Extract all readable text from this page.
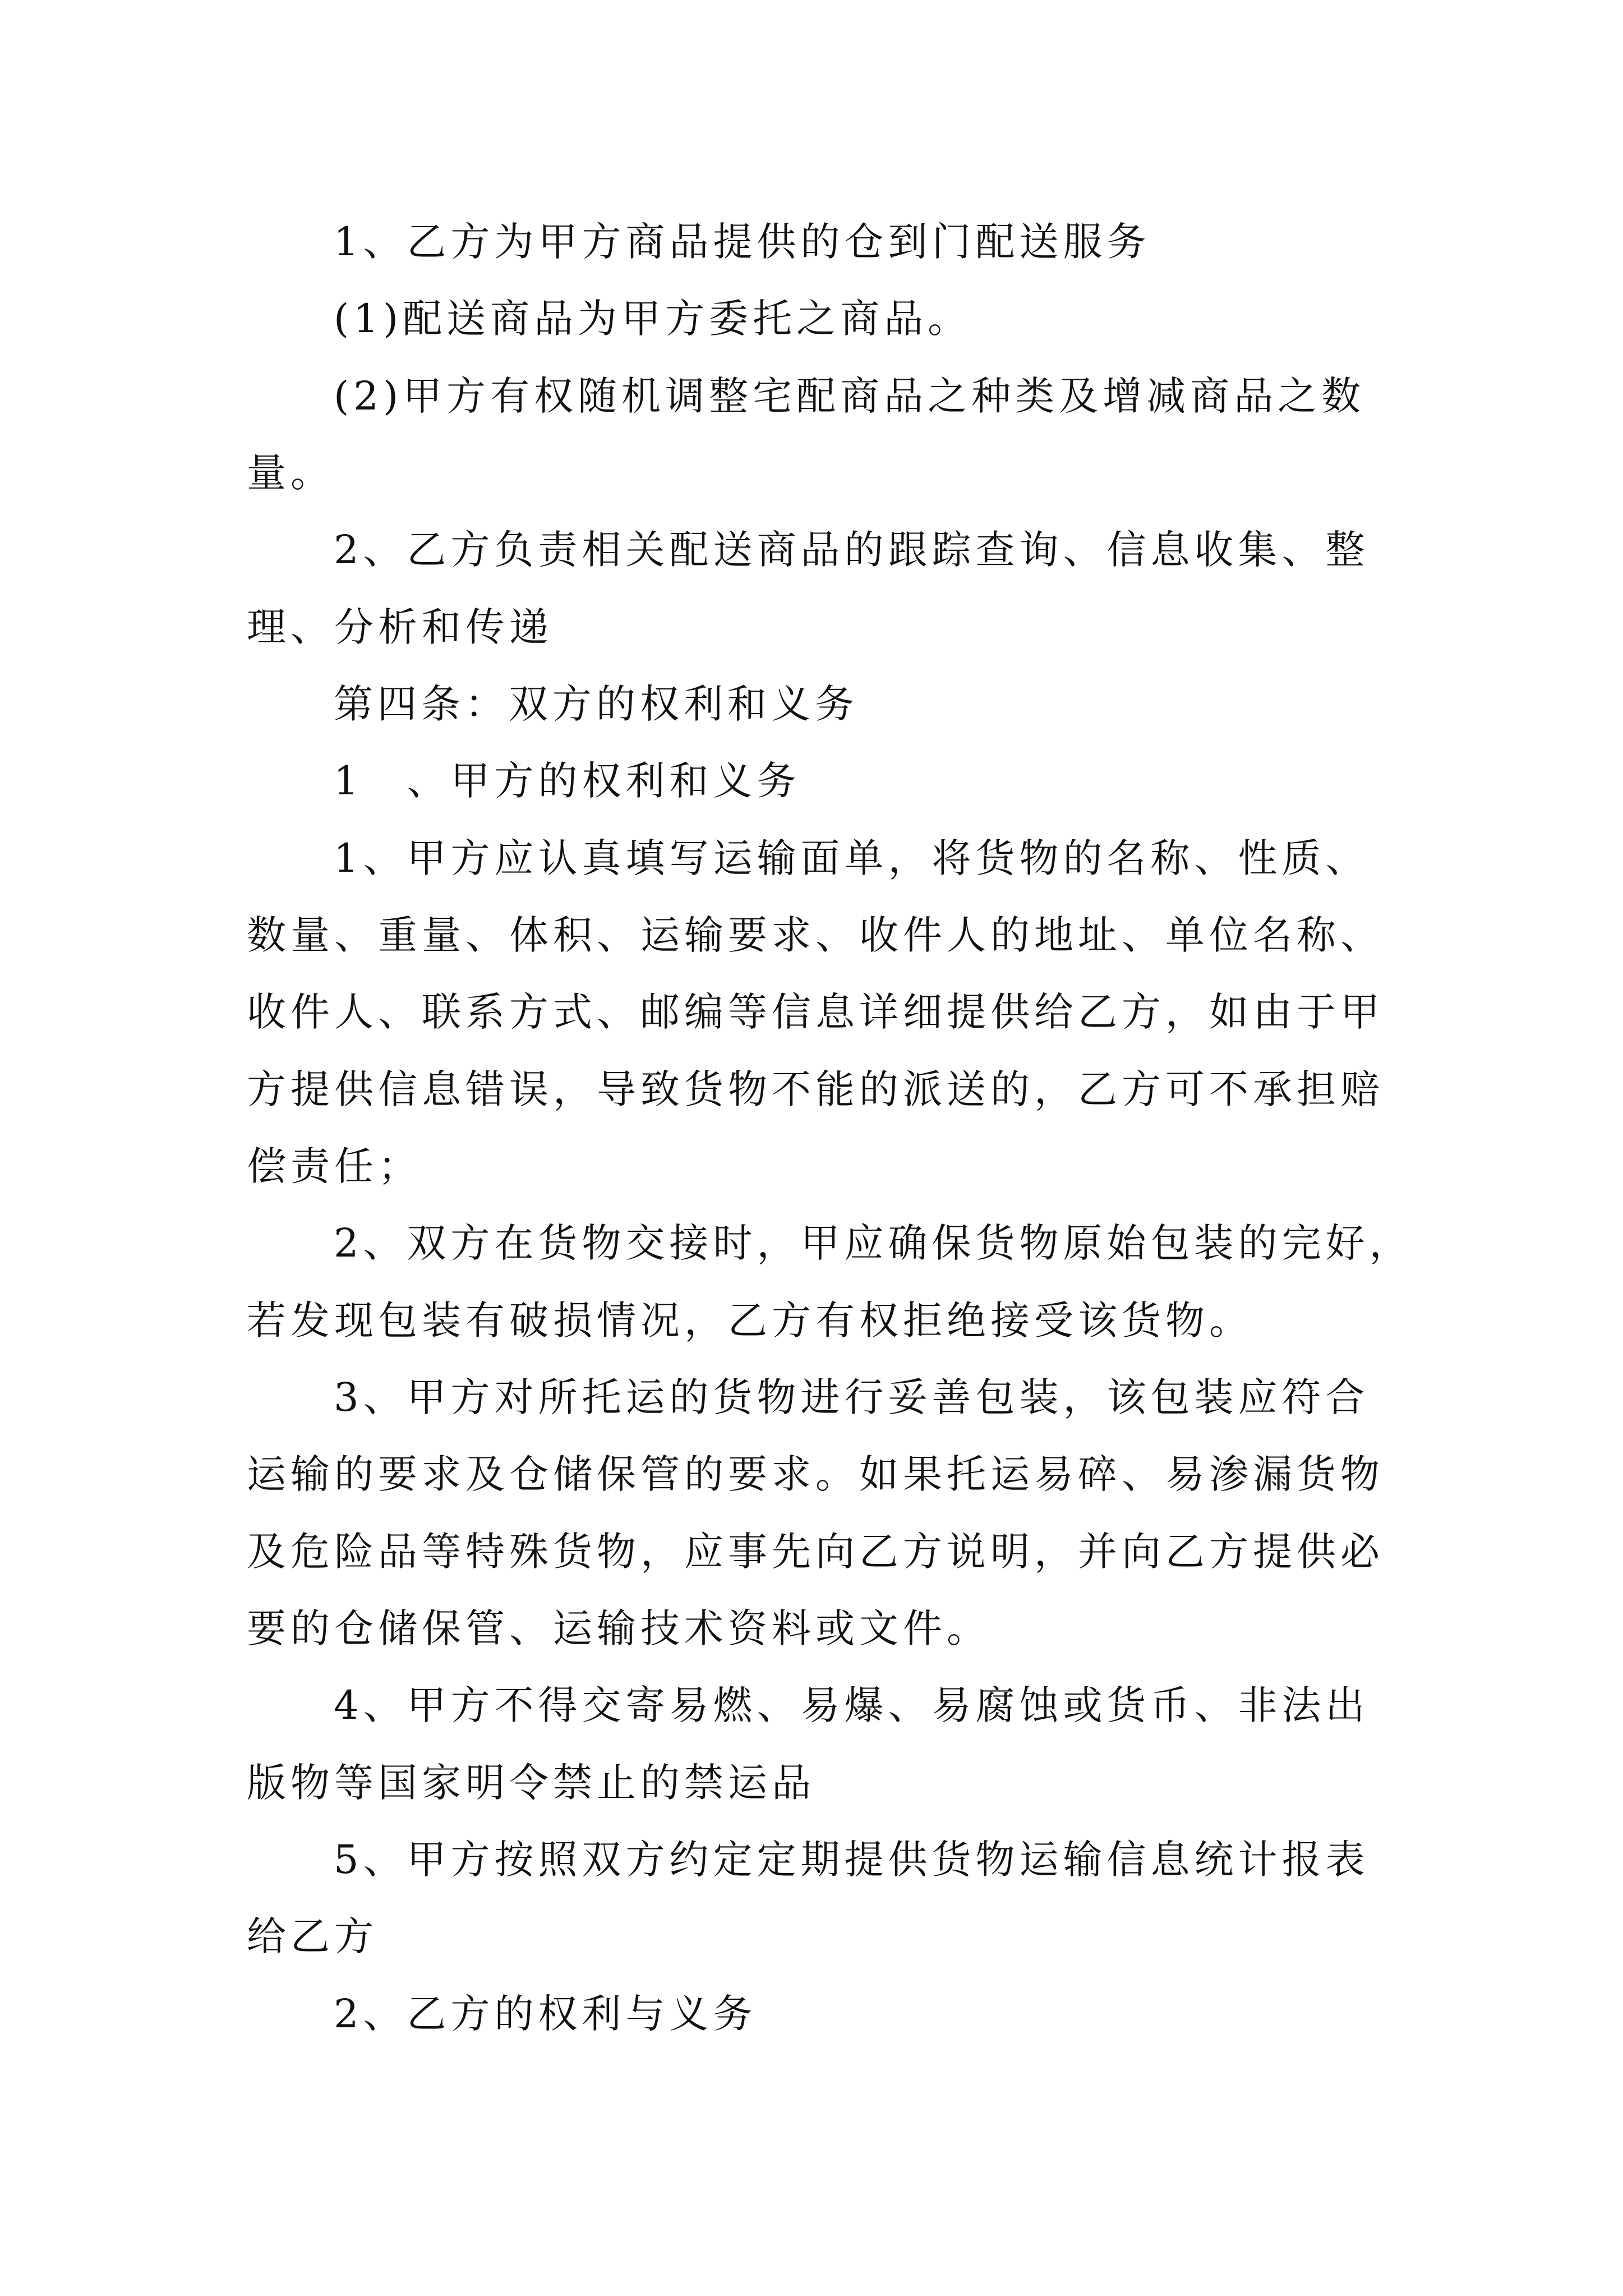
1、乙方为甲方商品提供的仓到门配送服务

(1)配送商品为甲方委托之商品。

(2)甲方有权随机调整宅配商品之种类及增减商品之数

量。

2、乙方负责相关配送商品的跟踪查询、信息收集、整

理、分析和传递

第四条：双方的权利和义务

1　、甲方的权利和义务

1、甲方应认真填写运输面单，将货物的名称、性质、

数量、重量、体积、运输要求、收件人的地址、单位名称、

收件人、联系方式、邮编等信息详细提供给乙方，如由于甲

方提供信息错误，导致货物不能的派送的，乙方可不承担赔

偿责任；

2、双方在货物交接时，甲应确保货物原始包装的完好，

若发现包装有破损情况，乙方有权拒绝接受该货物。

3、甲方对所托运的货物进行妥善包装，该包装应符合

运输的要求及仓储保管的要求。如果托运易碎、易渗漏货物

及危险品等特殊货物，应事先向乙方说明，并向乙方提供必

要的仓储保管、运输技术资料或文件。

4、甲方不得交寄易燃、易爆、易腐蚀或货币、非法出

版物等国家明令禁止的禁运品

5、甲方按照双方约定定期提供货物运输信息统计报表

给乙方

2、乙方的权利与义务
